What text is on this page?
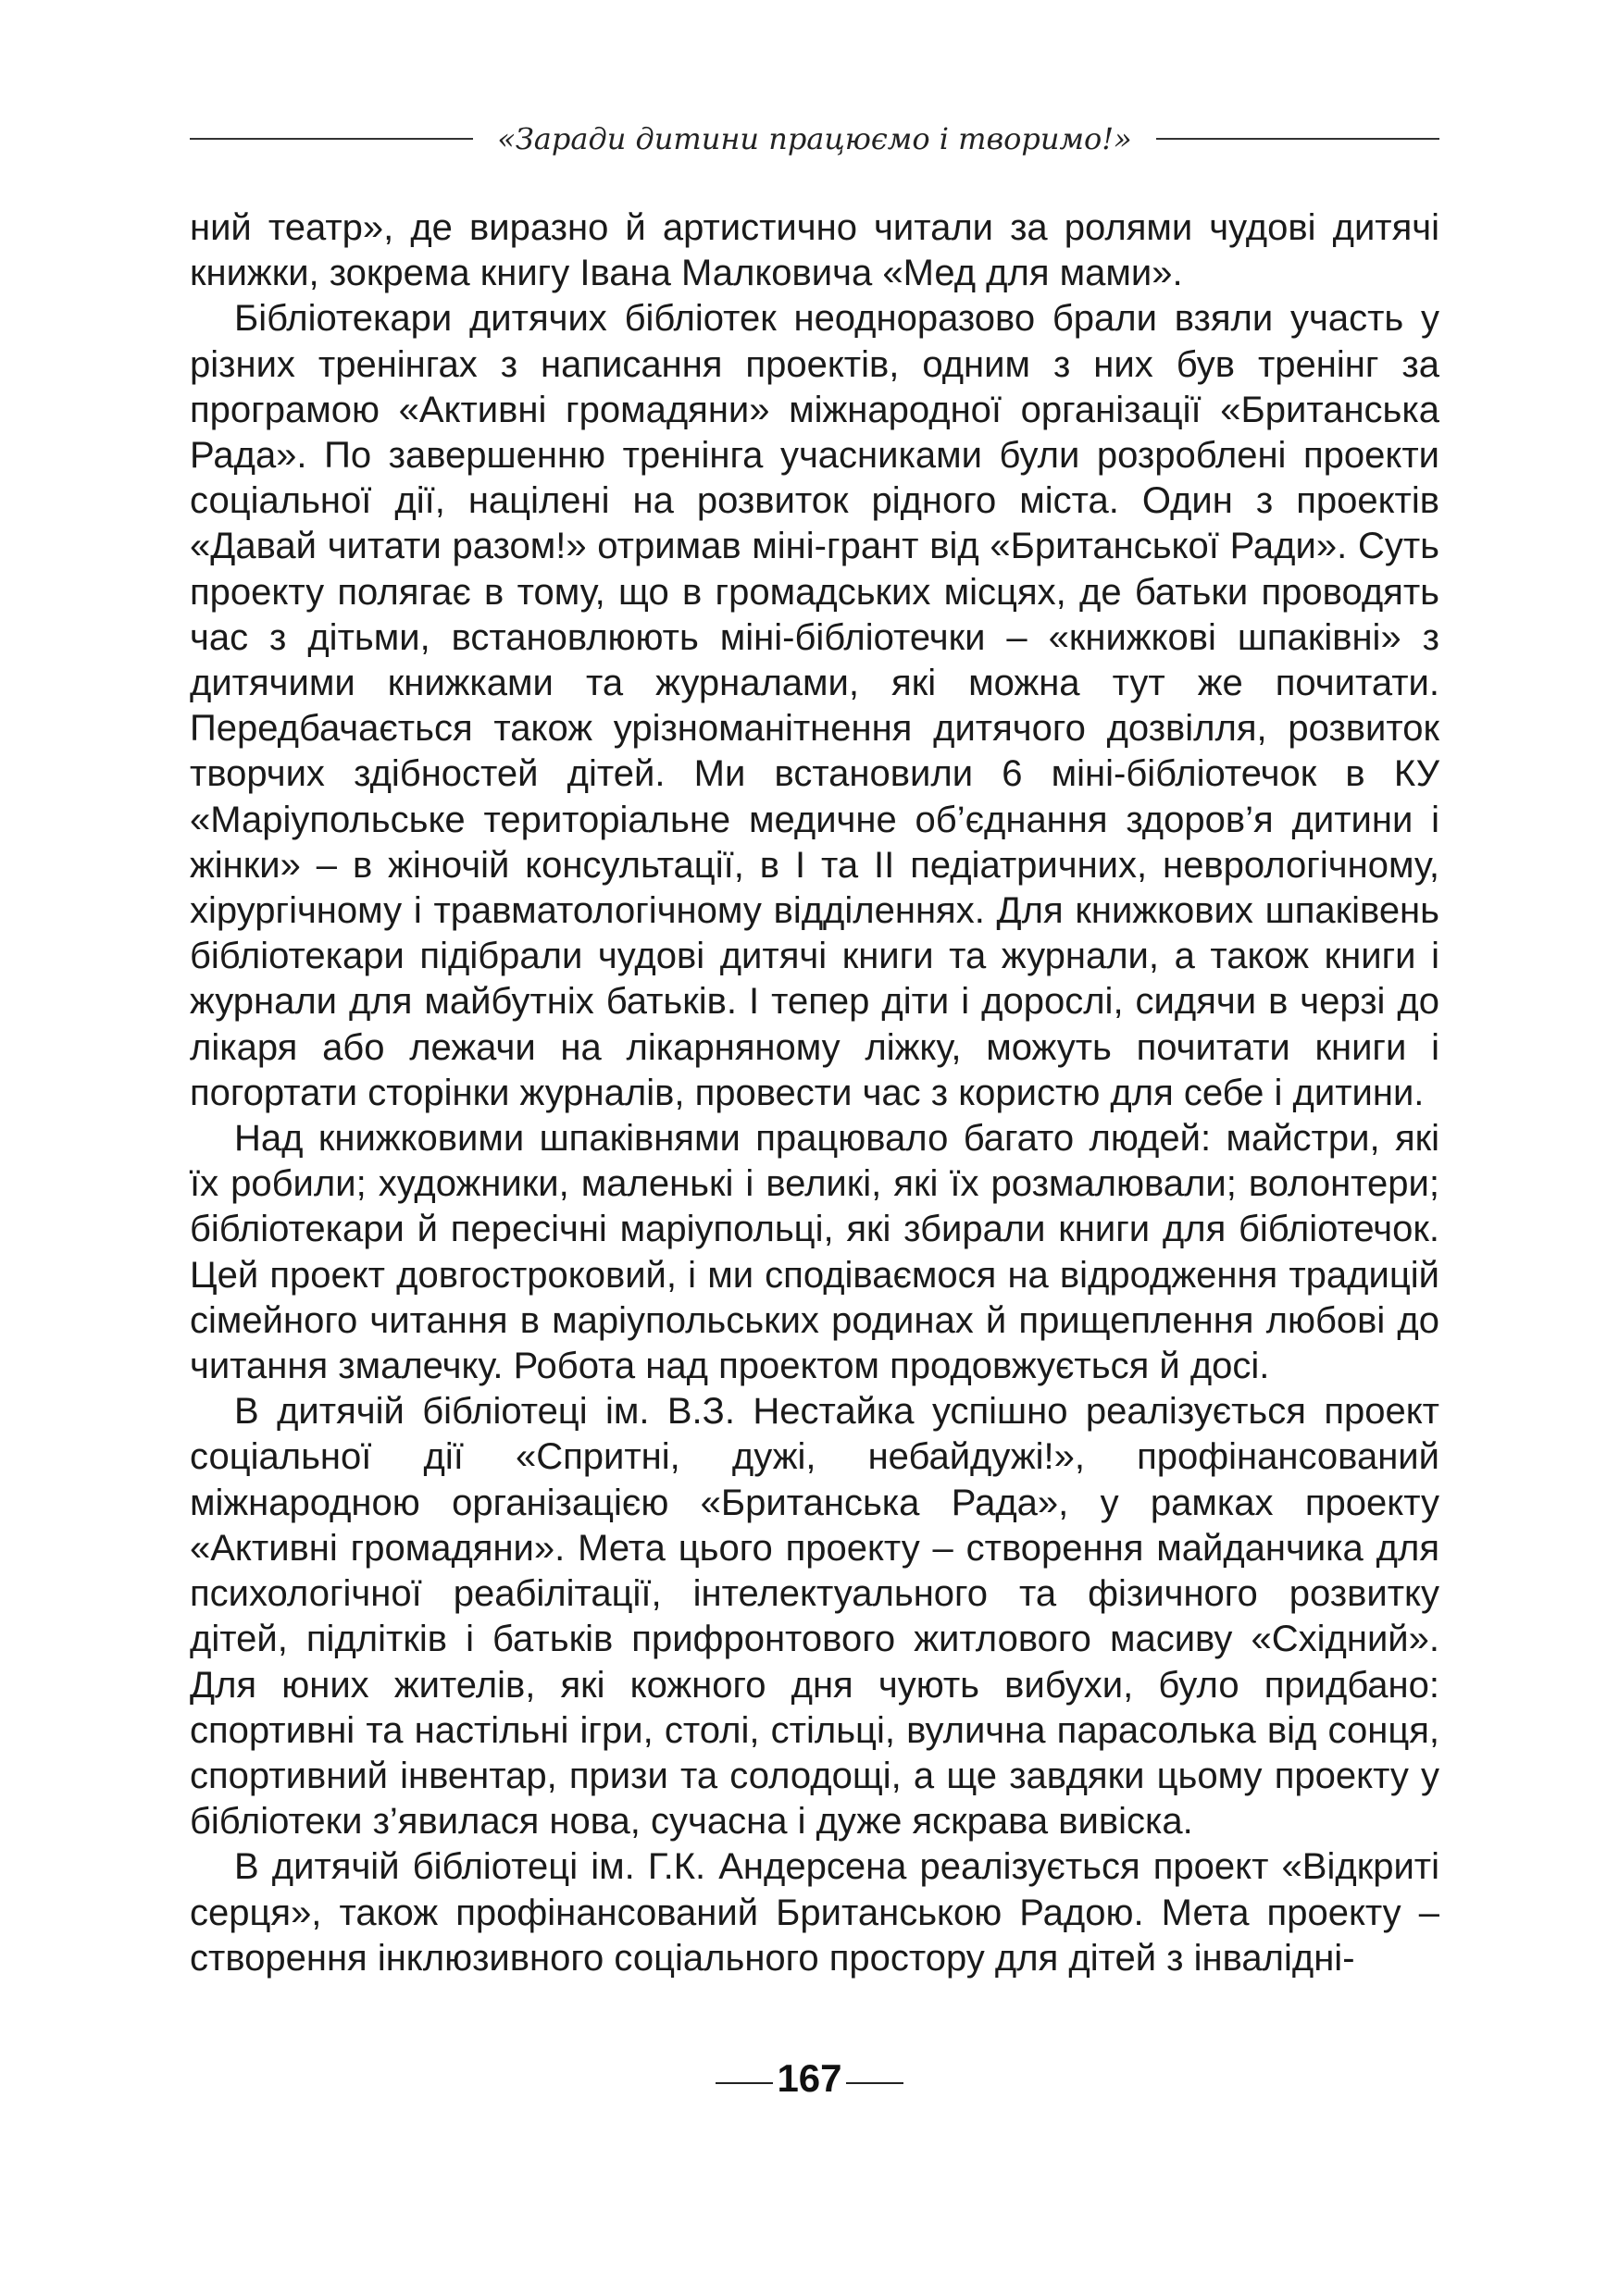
«Заради дитини працюємо і творимо!»

ний театр», де виразно й артистично читали за ролями чудові дитячі книжки, зокрема книгу Івана Малковича «Мед для мами».

Бібліотекари дитячих бібліотек неодноразово брали взяли участь у різних тренінгах з написання проектів, одним з них був тренінг за програмою «Активні громадяни» міжнародної організації «Британська Рада». По завершенню тренінга учасниками були розроблені проекти соціальної дії, націлені на розвиток рідного міста. Один з проектів «Давай читати разом!» отримав міні-грант від «Британської Ради». Суть проекту полягає в тому, що в громадських місцях, де батьки проводять час з дітьми, встановлюють міні-бібліотечки – «книжкові шпаківні» з дитячими книжками та журналами, які можна тут же почитати. Передбачається також урізноманітнення дитячого дозвілля, розвиток творчих здібностей дітей. Ми встановили 6 міні-бібліотечок в КУ «Маріупольське територіальне медичне об’єднання здоров’я дитини і жінки» – в жіночій консультації, в І та ІІ педіатричних, неврологічному, хірургічному і травматологічному відділеннях. Для книжкових шпаківень бібліотекари підібрали чудові дитячі книги та журнали, а також книги і журнали для майбутніх батьків. І тепер діти і дорослі, сидячи в черзі до лікаря або лежачи на лікарняному ліжку, можуть почитати книги і погортати сторінки журналів, провести час з користю для себе і дитини.

Над книжковими шпаківнями працювало багато людей: майстри, які їх робили; художники, маленькі і великі, які їх розмалювали; волонтери; бібліотекари й пересічні маріупольці, які збирали книги для бібліотечок. Цей проект довгостроковий, і ми сподіваємося на відродження традицій сімейного читання в маріупольських родинах й прищеплення любові до читання змалечку. Робота над проектом продовжується й досі.

В дитячій бібліотеці ім. В.З. Нестайка успішно реалізується проект соціальної дії «Спритні, дужі, небайдужі!», профінансований міжнародною організацією «Британська Рада», у рамках проекту «Активні громадяни». Мета цього проекту – створення майданчика для психологічної реабілітації, інтелектуального та фізичного розвитку дітей, підлітків і батьків прифронтового житлового масиву «Східний». Для юних жителів, які кожного дня чують вибухи, було придбано: спортивні та настільні ігри, столі, стільці, вулична парасолька від сонця, спортивний інвентар, призи та солодощі, а ще завдяки цьому проекту у бібліотеки з’явилася нова, сучасна і дуже яскрава вивіска.

В дитячій бібліотеці ім. Г.К. Андерсена реалізується проект «Відкриті серця», також профінансований Британською Радою. Мета проекту – створення інклюзивного соціального простору для дітей з інвалідні-

167
